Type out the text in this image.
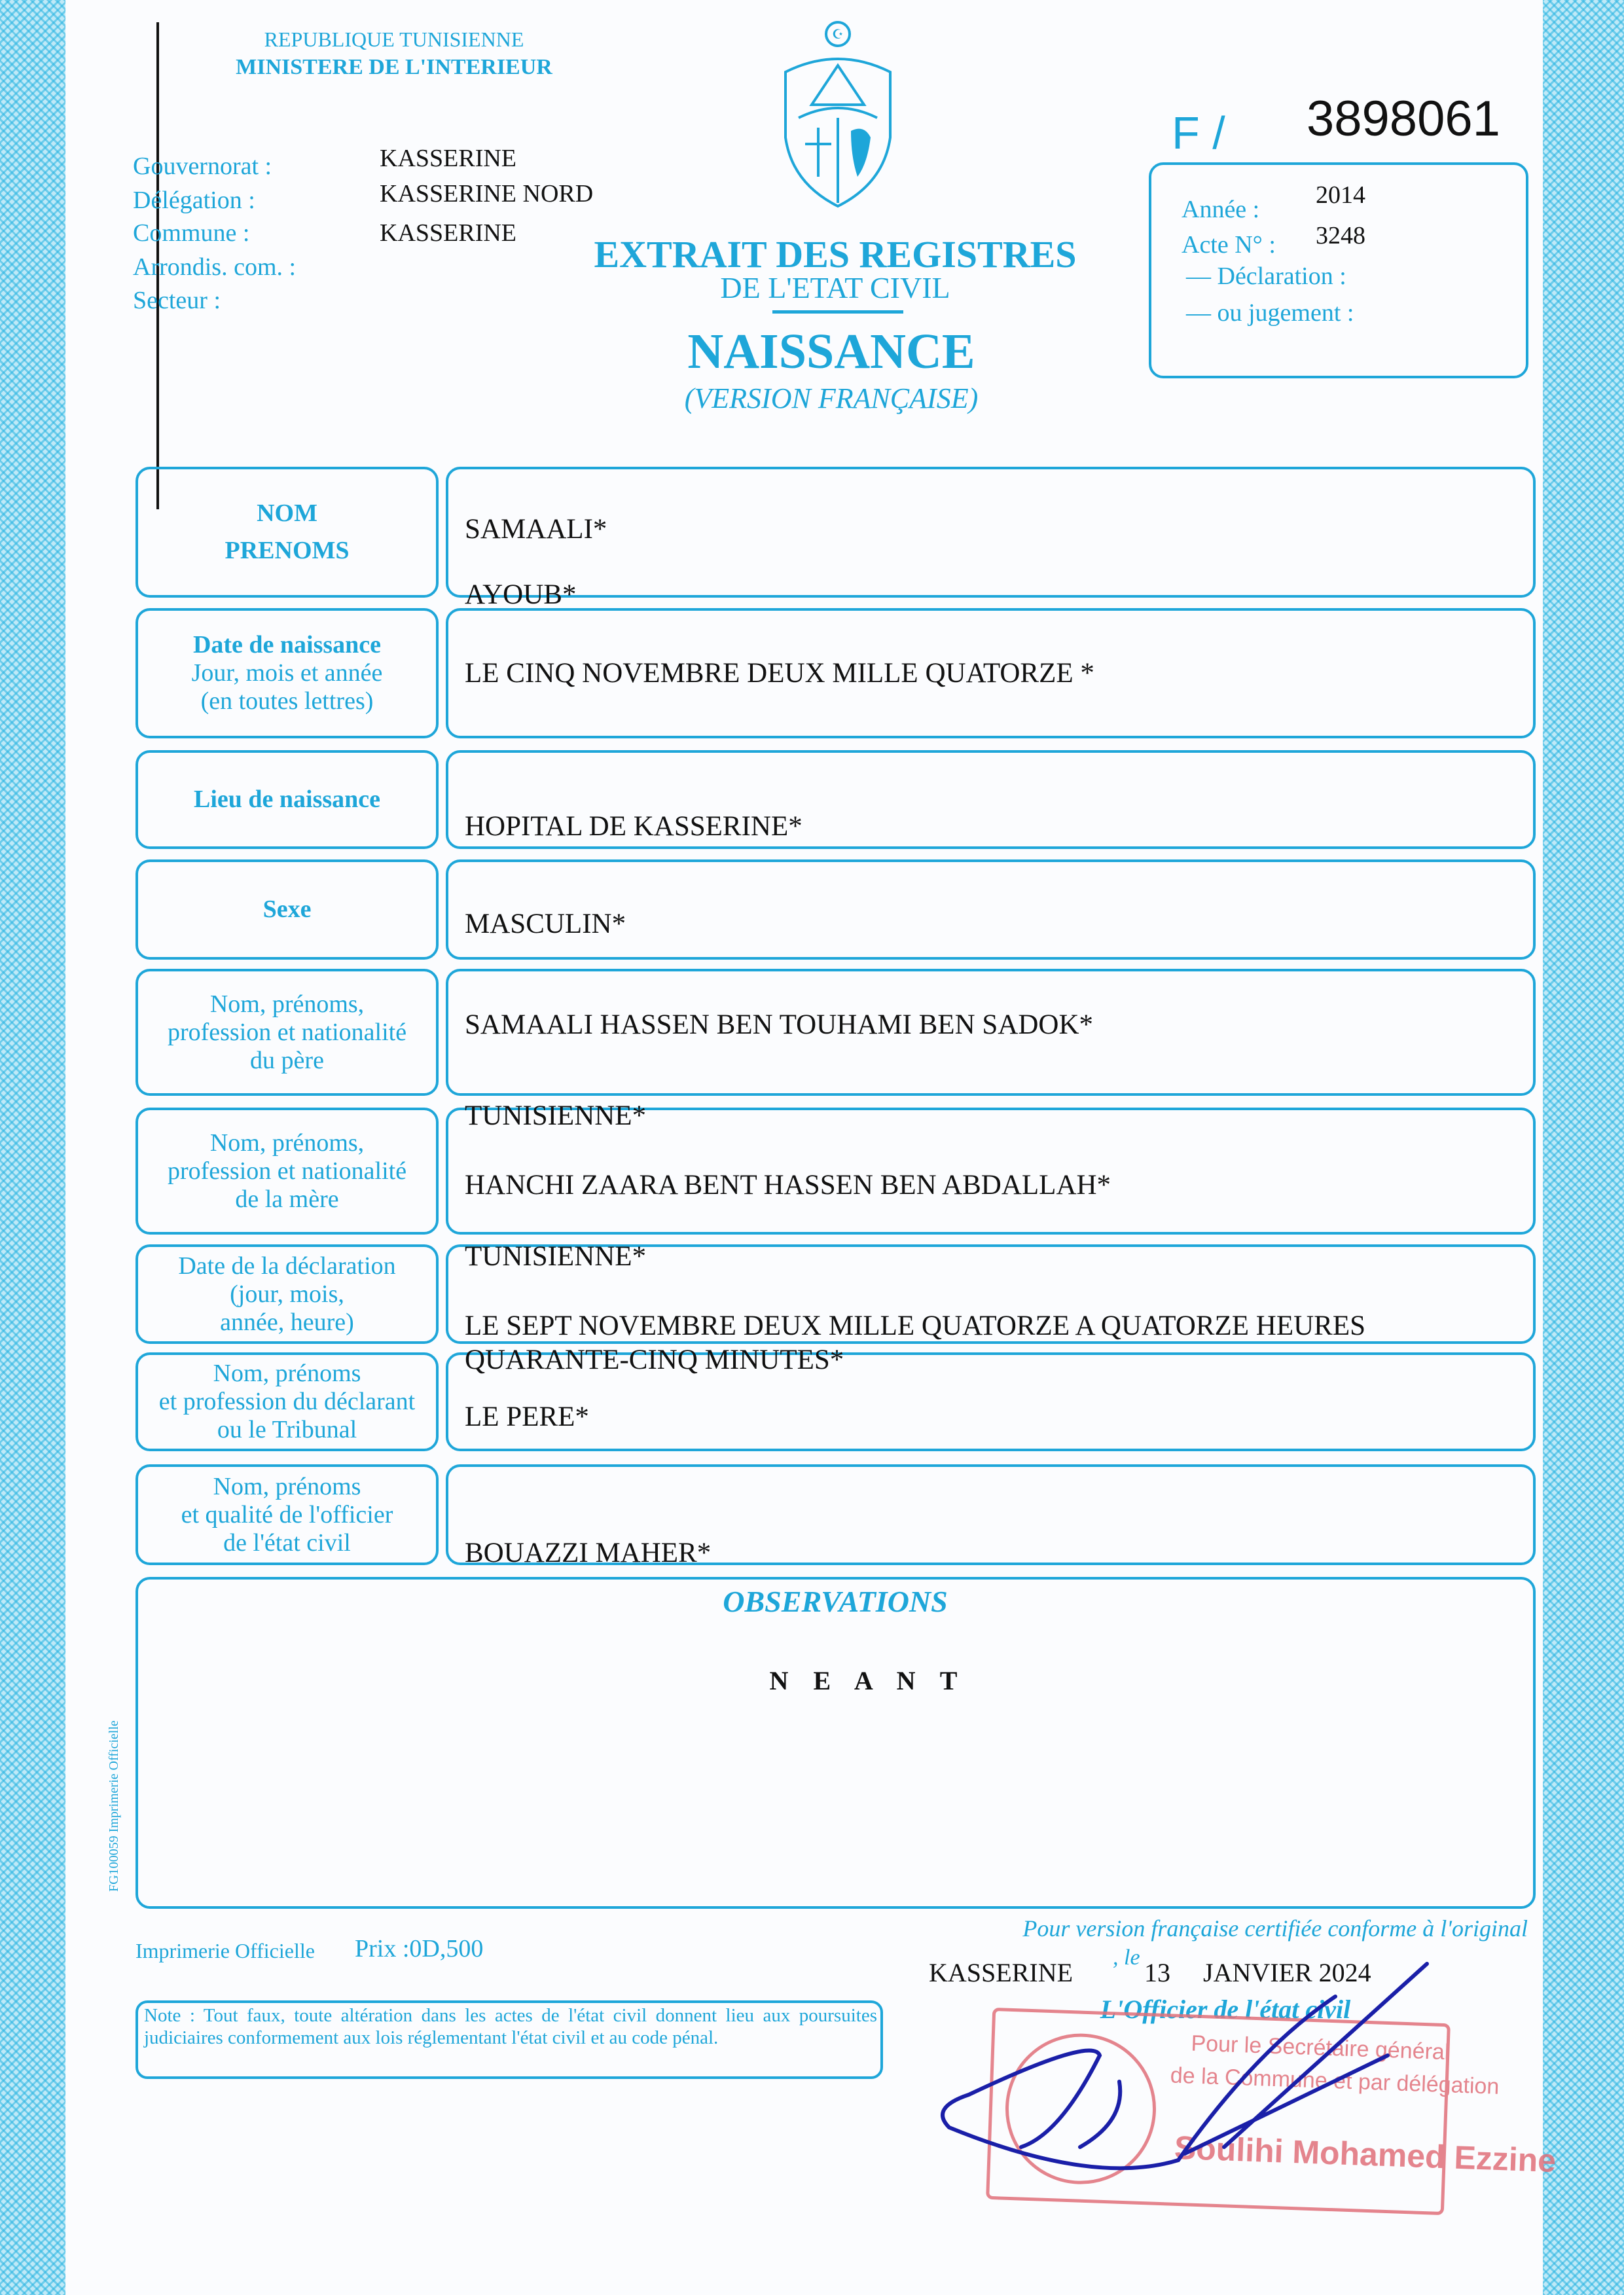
REPUBLIQUE TUNISIENNE
MINISTERE DE L'INTERIEUR
☪
Gouvernorat :
Délégation :
Commune :
Arrondis. com. :
Secteur :
KASSERINE
KASSERINE NORD
KASSERINE EXTRAIT DES REGISTRES
DE L'ETAT CIVIL
NAISSANCE
(VERSION FRANÇAISE)
F / 3898061
Année :
2014
Acte N° : 3248
— Déclaration :
— ou jugement :
NOM
PRENOMS
Date de naissance
Jour, mois et année
(en toutes lettres)
Lieu de naissance
Sexe
Nom, prénoms,
profession et nationalité
du père
Nom, prénoms,
profession et nationalité
de la mère
Date de la déclaration
(jour, mois,
année, heure)
Nom, prénoms
et profession du déclarant
ou le Tribunal
Nom, prénoms
et qualité de l'officier
de l'état civil
SAMAALI*
AYOUB*
LE CINQ NOVEMBRE DEUX MILLE QUATORZE *
HOPITAL DE KASSERINE*
MASCULIN*
SAMAALI HASSEN BEN TOUHAMI BEN SADOK*
TUNISIENNE*
HANCHI ZAARA BENT HASSEN BEN ABDALLAH*
TUNISIENNE*
LE SEPT NOVEMBRE DEUX MILLE QUATORZE A QUATORZE HEURES
QUARANTE-CINQ MINUTES*
LE PERE*
BOUAZZI MAHER*
OBSERVATIONS
N E A N T
FG100059 Imprimerie Officielle
Imprimerie Officielle Prix :0D,500
Pour version française certifiée conforme à l'original
KASSERINE
, le
13 JANVIER 2024
L'Officier de l'état civil
Note : Tout faux, toute altération dans les actes de l'état civil donnent lieu aux poursuites judiciaires conformement aux lois réglementant l'état civil et au code pénal.	Pour le Secrétaire général
de la Commune et par délégation
Soulihi Mohamed Ezzine
